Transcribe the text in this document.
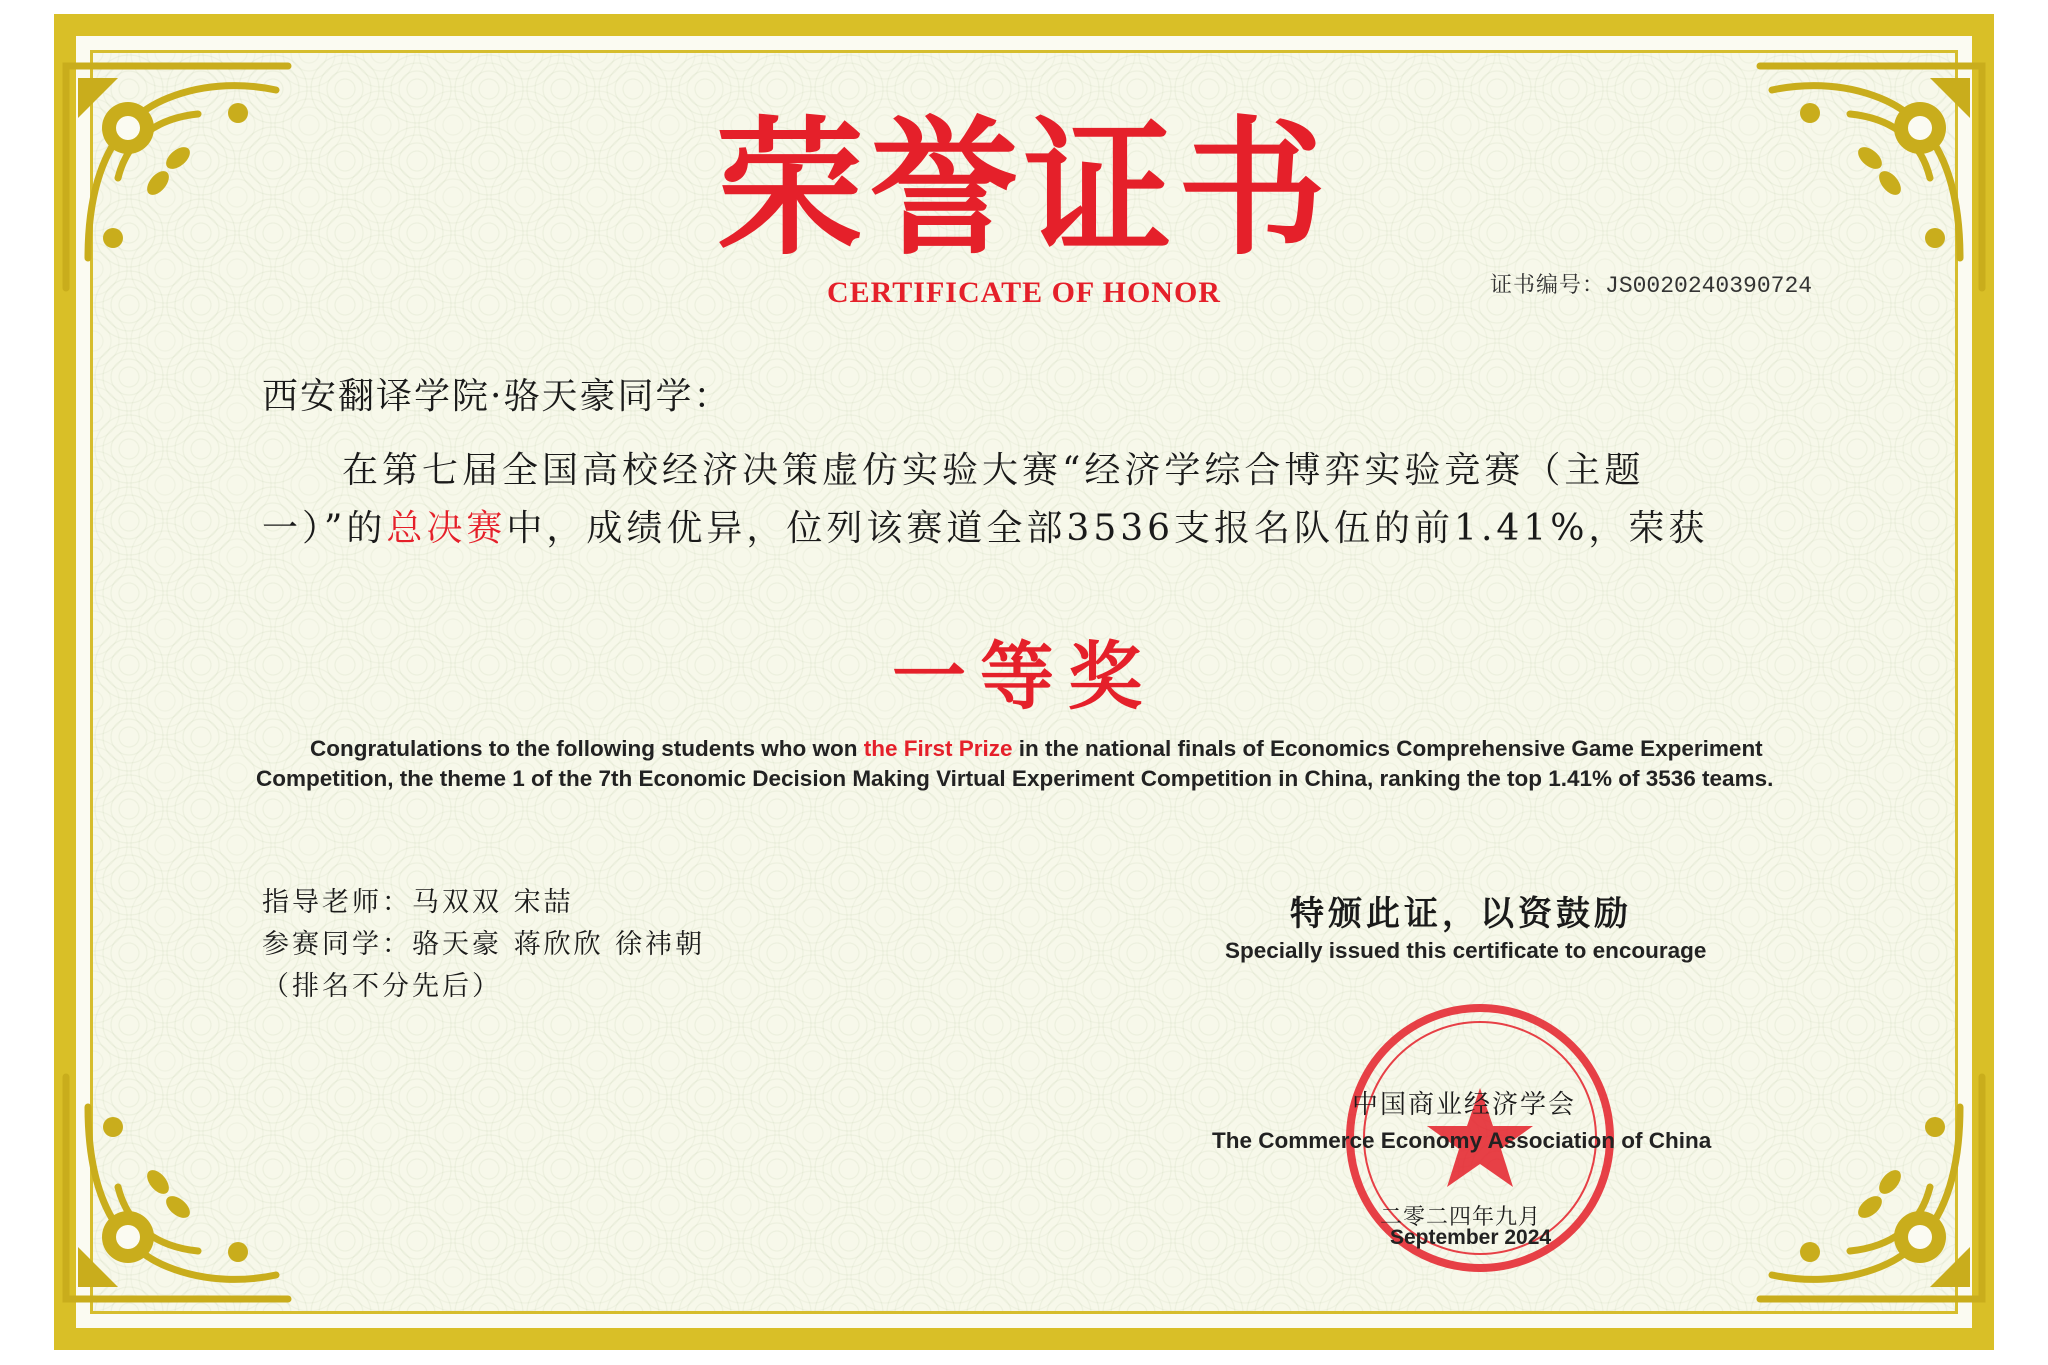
荣誉证书
CERTIFICATE OF HONOR	证书编号：JS0020240390724
西安翻译学院·骆天豪同学：
在第七届全国高校经济决策虚仿实验大赛“经济学综合博弈实验竞赛（主题一）”的总决赛中，成绩优异，位列该赛道全部3536支报名队伍的前1.41%，荣获
一等奖
Congratulations to the following students who won the First Prize in the national finals of Economics Comprehensive Game Experiment Competition, the theme 1 of the 7th Economic Decision Making Virtual Experiment Competition in China, ranking the top 1.41% of 3536 teams.
指导老师：马双双 宋喆
参赛同学：骆天豪 蒋欣欣 徐祎朝
（排名不分先后）
特颁此证，以资鼓励
Specially issued this certificate to encourage
中国商业经济学会
The Commerce Economy Association of China
二零二四年九月
September 2024
